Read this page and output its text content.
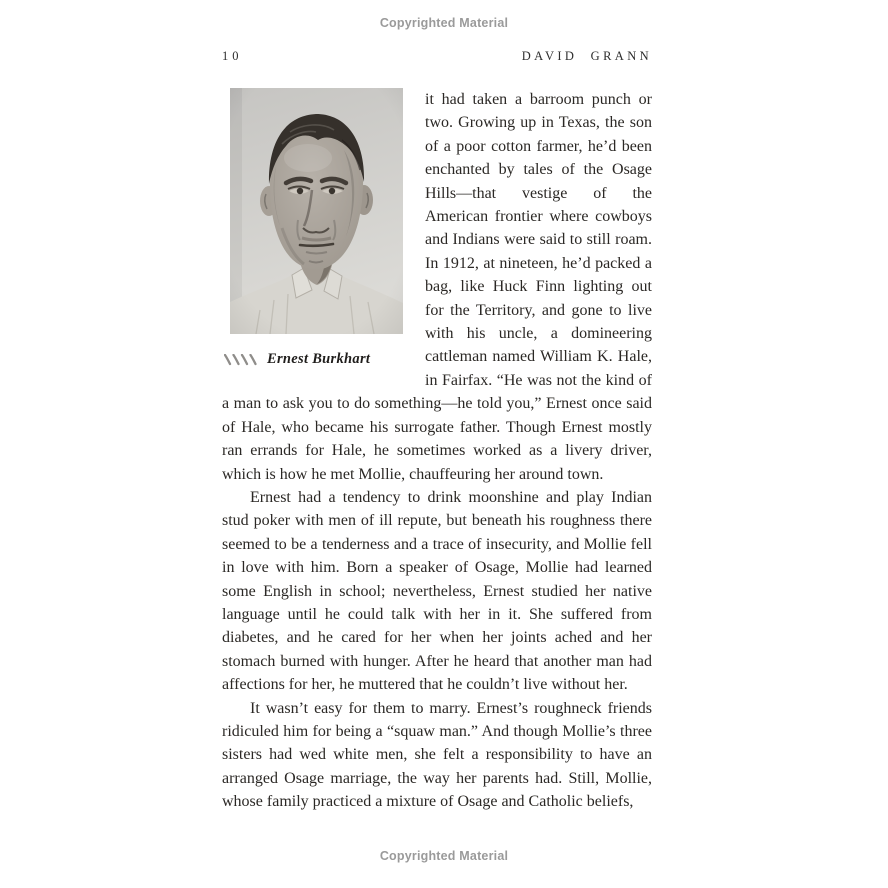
Copyrighted Material
10	DAVID GRANN
Ernest Burkhart

it had taken a barroom punch or two. Growing up in Texas, the son of a poor cotton farmer, he’d been enchanted by tales of the Osage Hills—that vestige of the American frontier where cowboys and Indians were said to still roam. In 1912, at nineteen, he’d packed a bag, like Huck Finn lighting out for the Territory, and gone to live with his uncle, a domineering cattleman named William K. Hale, in Fairfax. “He was not the kind of a man to ask you to do something—he told you,” Ernest once said of Hale, who became his surrogate father. Though Ernest mostly ran errands for Hale, he sometimes worked as a livery driver, which is how he met Mollie, chauffeuring her around town.

Ernest had a tendency to drink moonshine and play Indian stud poker with men of ill repute, but beneath his roughness there seemed to be a tenderness and a trace of insecurity, and Mollie fell in love with him. Born a speaker of Osage, Mollie had learned some English in school; nevertheless, Ernest studied her native language until he could talk with her in it. She suffered from diabetes, and he cared for her when her joints ached and her stomach burned with hunger. After he heard that another man had affections for her, he muttered that he couldn’t live without her.

It wasn’t easy for them to marry. Ernest’s roughneck friends ridiculed him for being a “squaw man.” And though Mollie’s three sisters had wed white men, she felt a responsibility to have an arranged Osage marriage, the way her parents had. Still, Mollie, whose family practiced a mixture of Osage and Catholic beliefs,

Copyrighted Material
